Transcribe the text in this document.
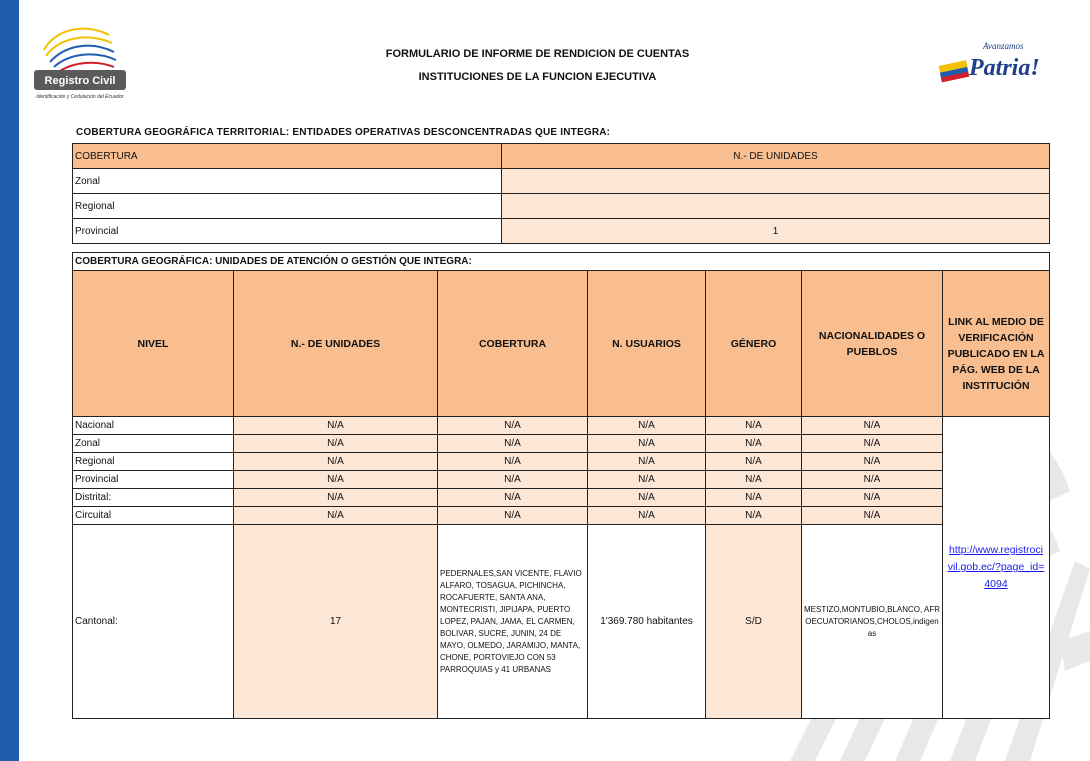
Registro Civil
Identificación y Cedulación del Ecuador
FORMULARIO DE INFORME DE RENDICION DE CUENTAS
INSTITUCIONES DE LA FUNCION EJECUTIVA
Avanzamos
Patria!
COBERTURA GEOGRÁFICA TERRITORIAL: ENTIDADES OPERATIVAS DESCONCENTRADAS QUE INTEGRA:
COBERTURA	N.- DE UNIDADES
Zonal	
Regional	
Provincial	1
COBERTURA GEOGRÁFICA: UNIDADES DE ATENCIÓN O GESTIÓN QUE INTEGRA:						
NIVEL	N.- DE UNIDADES	COBERTURA	N. USUARIOS	GÉNERO	NACIONALIDADES O PUEBLOS	LINK AL MEDIO DE VERIFICACIÓN PUBLICADO EN LA PÁG. WEB DE LA INSTITUCIÓN
Nacional	N/A	N/A	N/A	N/A	N/A	http://www.registrocivil.gob.ec/?page_id=4094

Zonal	N/A	N/A	N/A	N/A	N/A	
Regional	N/A	N/A	N/A	N/A	N/A	
Provincial	N/A	N/A	N/A	N/A	N/A	
Distrital:	N/A	N/A	N/A	N/A	N/A	
Circuital	N/A	N/A	N/A	N/A	N/A	
Cantonal:	17	PEDERNALES,SAN VICENTE, FLAVIO ALFARO, TOSAGUA, PICHINCHA, ROCAFUERTE, SANTA ANA, MONTECRISTI, JIPIJAPA, PUERTO LOPEZ, PAJAN, JAMA, EL CARMEN, BOLIVAR, SUCRE, JUNIN, 24 DE MAYO, OLMEDO, JARAMIJO, MANTA, CHONE, PORTOVIEJO CON 53 PARROQUIAS y 41 URBANAS	1'369.780 habitantes	S/D	MESTIZO,MONTUBIO,BLANCO, AFROECUATORIANOS,CHOLOS,indigenas	
